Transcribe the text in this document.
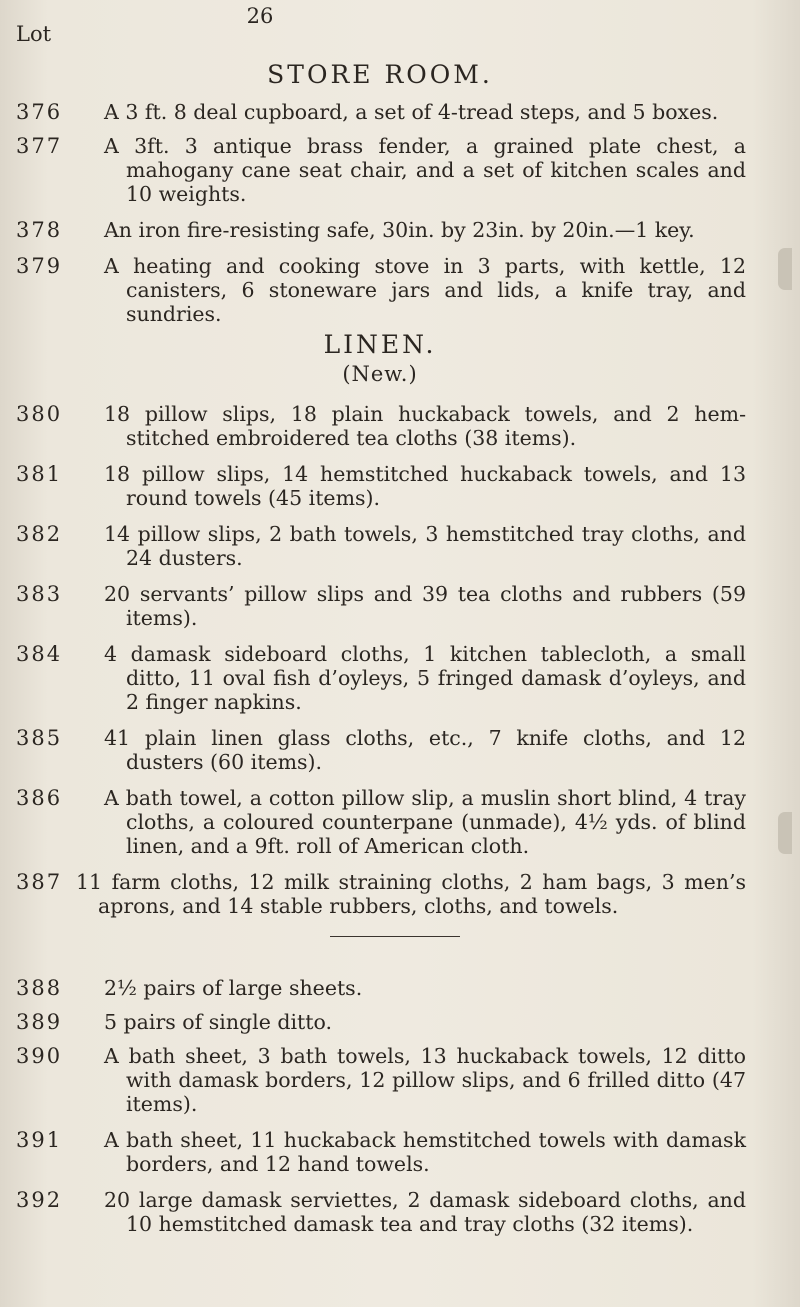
Lot
26
STORE ROOM.
376 A 3 ft. 8 deal cupboard, a set of 4-tread steps, and 5 boxes.
377 A 3ft. 3 antique brass fender, a grained plate chest, a mahogany cane seat chair, and a set of kitchen scales and 10 weights.
378 An iron fire-resisting safe, 30in. by 23in. by 20in.—1 key.
379 A heating and cooking stove in 3 parts, with kettle, 12 canisters, 6 stoneware jars and lids, a knife tray, and sundries.
LINEN.
(New.)
380 18 pillow slips, 18 plain huckaback towels, and 2 hem-stitched embroidered tea cloths (38 items).
381 18 pillow slips, 14 hemstitched huckaback towels, and 13 round towels (45 items).
382 14 pillow slips, 2 bath towels, 3 hemstitched tray cloths, and 24 dusters.
383 20 servants’ pillow slips and 39 tea cloths and rubbers (59 items).
384 4 damask sideboard cloths, 1 kitchen tablecloth, a small ditto, 11 oval fish d’oyleys, 5 fringed damask d’oyleys, and 2 finger napkins.
385 41 plain linen glass cloths, etc., 7 knife cloths, and 12 dusters (60 items).
386 A bath towel, a cotton pillow slip, a muslin short blind, 4 tray cloths, a coloured counterpane (unmade), 4½ yds. of blind linen, and a 9ft. roll of American cloth.
387 11 farm cloths, 12 milk straining cloths, 2 ham bags, 3 men’s aprons, and 14 stable rubbers, cloths, and towels.
388 2½ pairs of large sheets.
389 5 pairs of single ditto.
390 A bath sheet, 3 bath towels, 13 huckaback towels, 12 ditto with damask borders, 12 pillow slips, and 6 frilled ditto (47 items).
391 A bath sheet, 11 huckaback hemstitched towels with damask borders, and 12 hand towels.
392 20 large damask serviettes, 2 damask sideboard cloths, and 10 hemstitched damask tea and tray cloths (32 items).
